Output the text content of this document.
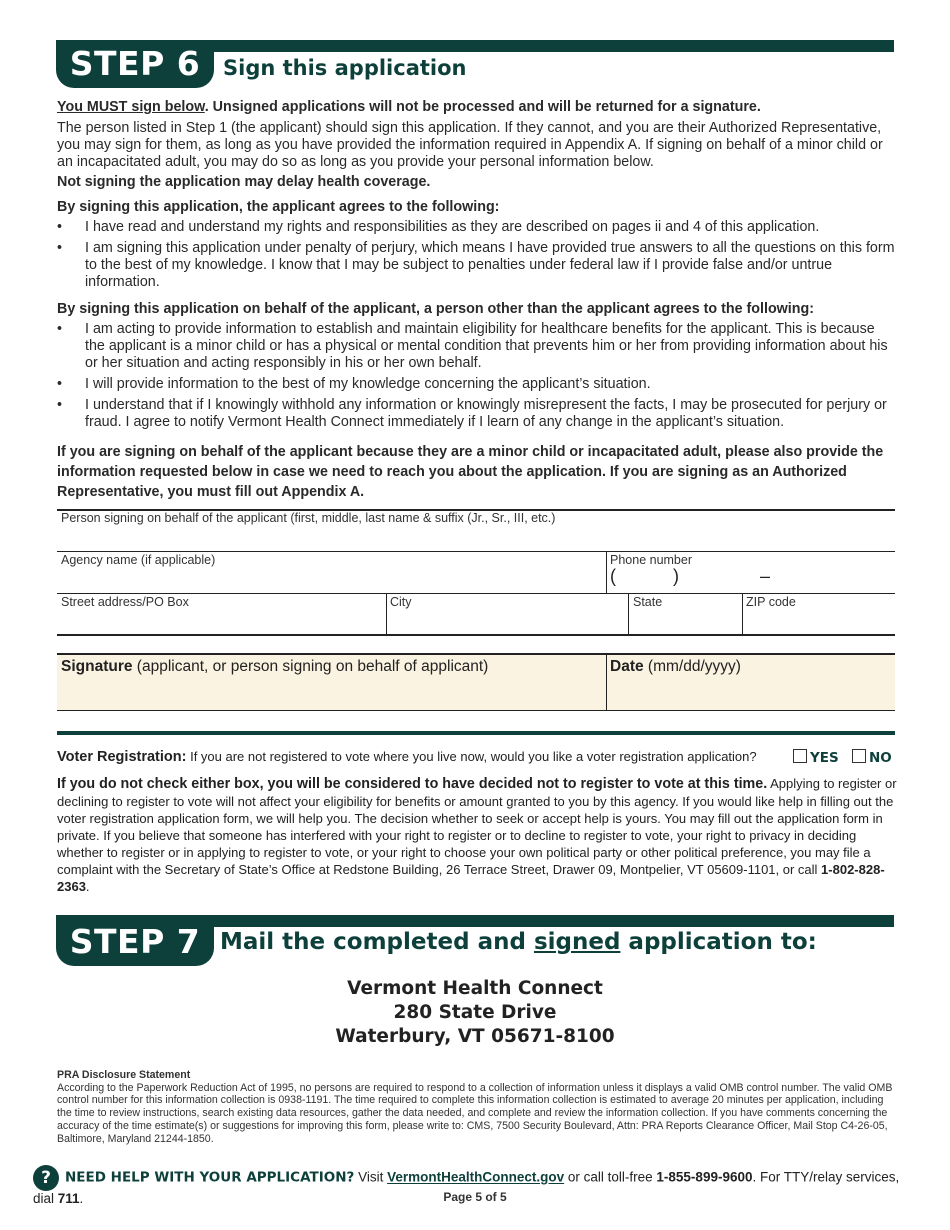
STEP 6	Sign this application
You MUST sign below. Unsigned applications will not be processed and will be returned for a signature.
The person listed in Step 1 (the applicant) should sign this application. If they cannot, and you are their Authorized Representative, you may sign for them, as long as you have provided the information required in Appendix A. If signing on behalf of a minor child or an incapacitated adult, you may do so as long as you provide your personal information below.
Not signing the application may delay health coverage.
By signing this application, the applicant agrees to the following:
• I have read and understand my rights and responsibilities as they are described on pages ii and 4 of this application.
• I am signing this application under penalty of perjury, which means I have provided true answers to all the questions on this form to the best of my knowledge. I know that I may be subject to penalties under federal law if I provide false and/or untrue information.
By signing this application on behalf of the applicant, a person other than the applicant agrees to the following:
• I am acting to provide information to establish and maintain eligibility for healthcare benefits for the applicant. This is because the applicant is a minor child or has a physical or mental condition that prevents him or her from providing information about his or her situation and acting responsibly in his or her own behalf.
• I will provide information to the best of my knowledge concerning the applicant’s situation.
• I understand that if I knowingly withhold any information or knowingly misrepresent the facts, I may be prosecuted for perjury or fraud. I agree to notify Vermont Health Connect immediately if I learn of any change in the applicant’s situation.
If you are signing on behalf of the applicant because they are a minor child or incapacitated adult, please also provide the information requested below in case we need to reach you about the application. If you are signing as an Authorized Representative, you must fill out Appendix A.
Person signing on behalf of the applicant (first, middle, last name & suffix (Jr., Sr., III, etc.)
Agency name (if applicable)	Phone number
(	)	–
Street address/PO Box	City	State	ZIP code
Signature (applicant, or person signing on behalf of applicant)	Date (mm/dd/yyyy)
Voter Registration: If you are not registered to vote where you live now, would you like a voter registration application?	YES	NO
If you do not check either box, you will be considered to have decided not to register to vote at this time. Applying to register or declining to register to vote will not affect your eligibility for benefits or amount granted to you by this agency. If you would like help in filling out the voter registration application form, we will help you. The decision whether to seek or accept help is yours. You may fill out the application form in private. If you believe that someone has interfered with your right to register or to decline to register to vote, your right to privacy in deciding whether to register or in applying to register to vote, or your right to choose your own political party or other political preference, you may file a complaint with the Secretary of State’s Office at Redstone Building, 26 Terrace Street, Drawer 09, Montpelier, VT 05609-1101, or call 1-802-828-2363.
STEP 7 Mail the completed and signed application to:
Vermont Health Connect
280 State Drive
Waterbury, VT 05671-8100
PRA Disclosure Statement
According to the Paperwork Reduction Act of 1995, no persons are required to respond to a collection of information unless it displays a valid OMB control number. The valid OMB control number for this information collection is 0938-1191. The time required to complete this information collection is estimated to average 20 minutes per application, including the time to review instructions, search existing data resources, gather the data needed, and complete and review the information collection. If you have comments concerning the accuracy of the time estimate(s) or suggestions for improving this form, please write to: CMS, 7500 Security Boulevard, Attn: PRA Reports Clearance Officer, Mail Stop C4-26-05, Baltimore, Maryland 21244-1850.
? NEED HELP WITH YOUR APPLICATION? Visit VermontHealthConnect.gov or call toll-free 1-855-899-9600. For TTY/relay services, dial 711.	Page 5 of 5
